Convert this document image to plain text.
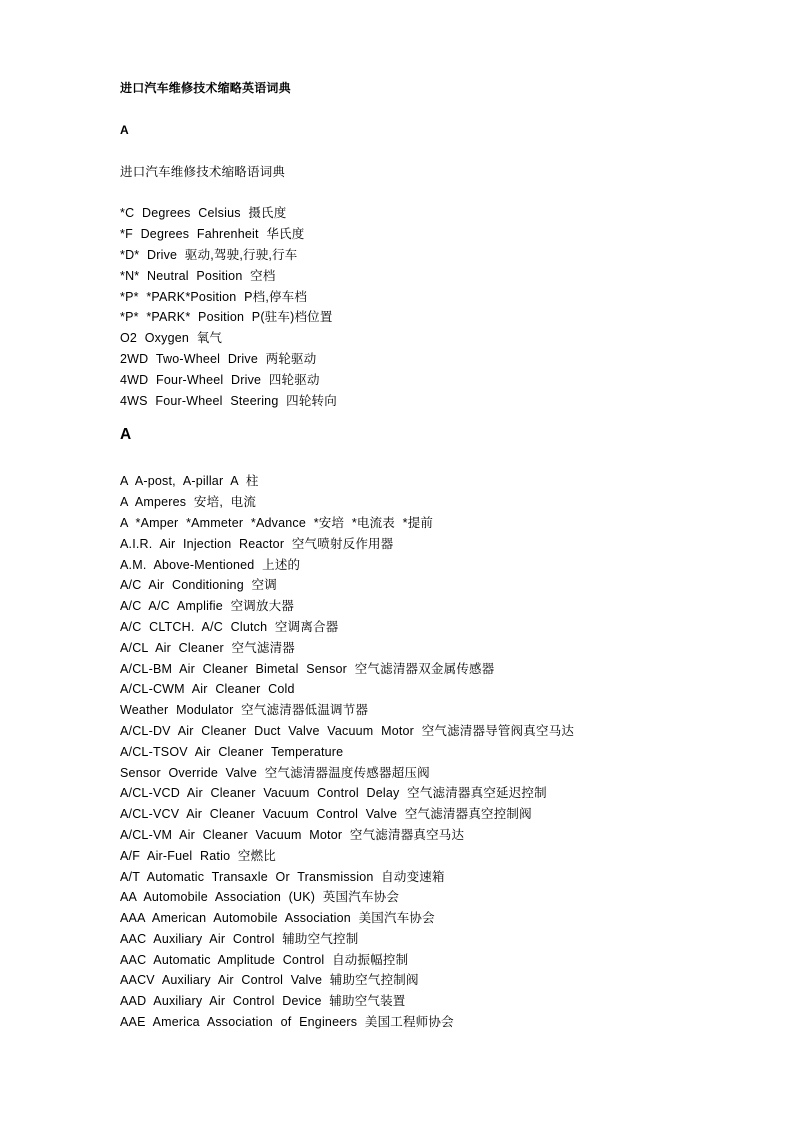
进口汽车维修技术缩略英语词典
A
进口汽车维修技术缩略语词典
*C Degrees Celsius 摄氏度
*F Degrees Fahrenheit 华氏度
*D* Drive 驱动,驾驶,行驶,行车
*N* Neutral Position 空档
*P* *PARK*Position P档,停车档
*P* *PARK* Position P(驻车)档位置
O2 Oxygen 氧气
2WD Two-Wheel Drive 两轮驱动
4WD Four-Wheel Drive 四轮驱动
4WS Four-Wheel Steering 四轮转向
A
A A-post, A-pillar A 柱
A Amperes 安培, 电流
A *Amper *Ammeter *Advance *安培 *电流表 *提前
A.I.R. Air Injection Reactor 空气喷射反作用器
A.M. Above-Mentioned 上述的
A/C Air Conditioning 空调
A/C A/C Amplifie 空调放大器
A/C CLTCH. A/C Clutch 空调离合器
A/CL Air Cleaner 空气滤清器
A/CL-BM Air Cleaner Bimetal Sensor 空气滤清器双金属传感器
A/CL-CWM Air Cleaner Cold
Weather Modulator 空气滤清器低温调节器
A/CL-DV Air Cleaner Duct Valve Vacuum Motor 空气滤清器导管阀真空马达
A/CL-TSOV Air Cleaner Temperature
Sensor Override Valve 空气滤清器温度传感器超压阀
A/CL-VCD Air Cleaner Vacuum Control Delay 空气滤清器真空延迟控制
A/CL-VCV Air Cleaner Vacuum Control Valve 空气滤清器真空控制阀
A/CL-VM Air Cleaner Vacuum Motor 空气滤清器真空马达
A/F Air-Fuel Ratio 空燃比
A/T Automatic Transaxle Or Transmission 自动变速箱
AA Automobile Association (UK) 英国汽车协会
AAA American Automobile Association 美国汽车协会
AAC Auxiliary Air Control 辅助空气控制
AAC Automatic Amplitude Control 自动振幅控制
AACV Auxiliary Air Control Valve 辅助空气控制阀
AAD Auxiliary Air Control Device 辅助空气装置
AAE America Association of Engineers 美国工程师协会
